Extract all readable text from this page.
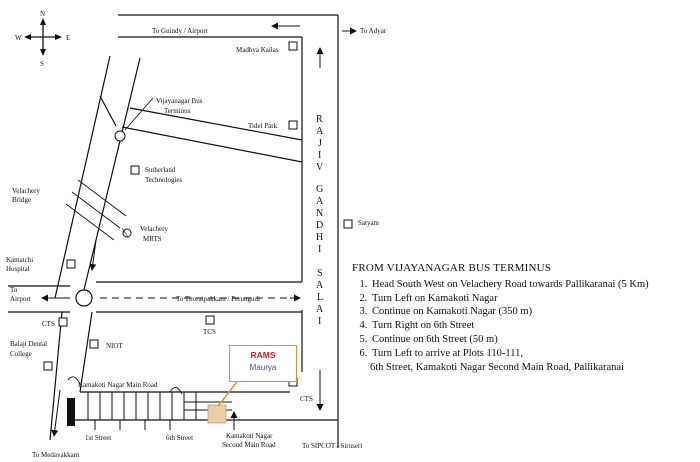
N
S
E
W
To Guindy / Airport	To Adyar
R
A
J
I
V
G
A
N
D
H
I
S
A
L
A
I
Madhya Kailas
Vijayanagar Bus
Terminus
Tidel Park
Sutherland
Technologies
Velachery
Bridge
Velachery
MRTS
Satyam
Kamatchi
Hospital
To
Airport	To Thoraipakkam / Perungudi
CTS
NIOT
TCS
Balaji Dental
College
Kamakoti Nagar Main Road
CTS
1st Street	6th Street	Kamakoti Nagar
Second Main Road	To SIPCOT / Siruseri
To Medavakkam
RAMS
Maurya
FROM VIJAYANAGAR BUS TERMINUS
1. Head South West on Velachery Road towards Pallikaranai (5 Km)
2. Turn Left on Kamakoti Nagar
3. Continue on Kamakoti Nagar (350 m)
4. Turn Right on 6th Street
5. Continue on 6th Street (50 m)
6. Turn Left to arrive at Plots 110-111,
6th Street, Kamakoti Nagar Second Main Road, Pallikaranai
